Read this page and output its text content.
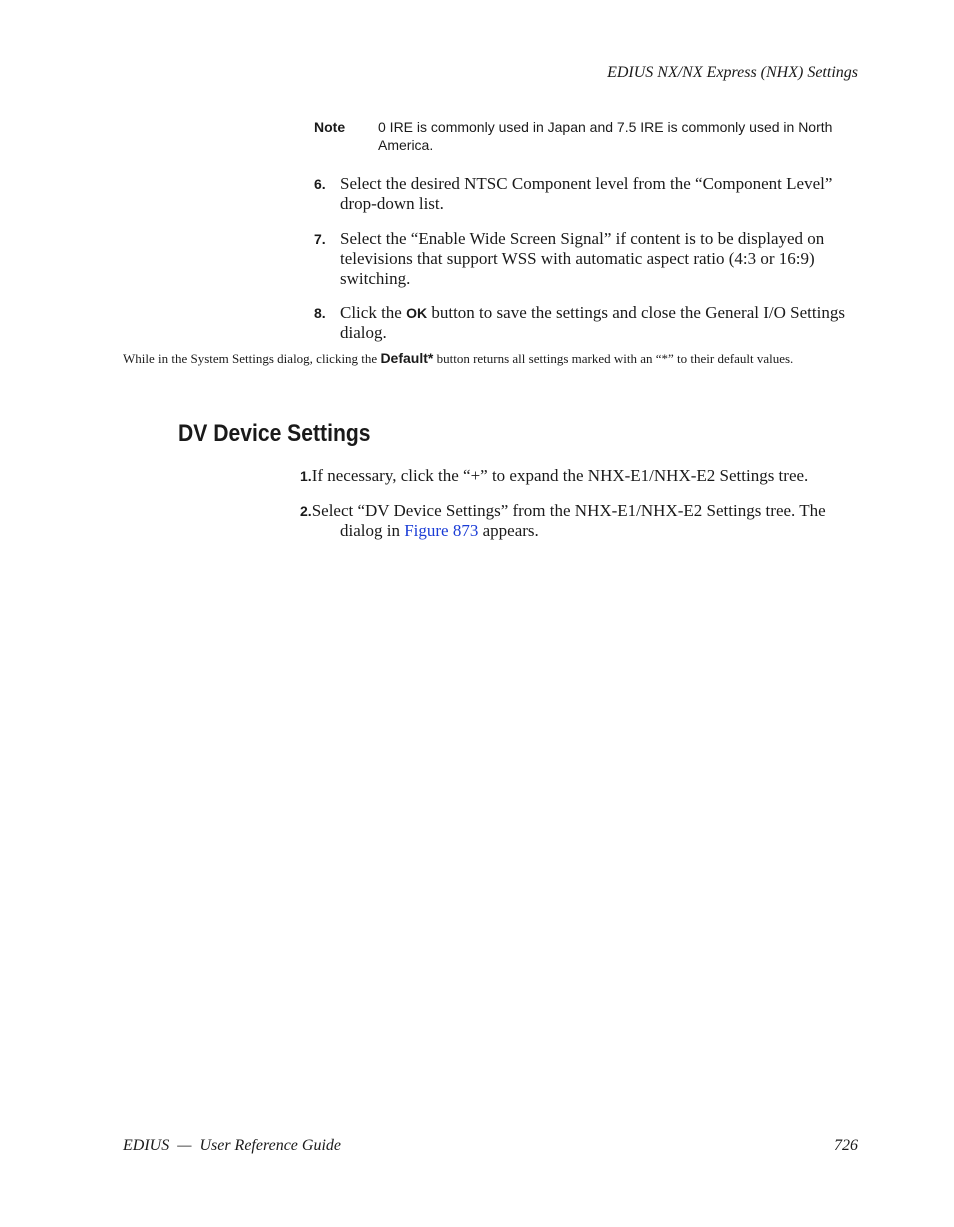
EDIUS NX/NX Express (NHX) Settings
Note 0 IRE is commonly used in Japan and 7.5 IRE is commonly used in North America.
6. Select the desired NTSC Component level from the “Component Level” drop-down list.
7. Select the “Enable Wide Screen Signal” if content is to be displayed on televisions that support WSS with automatic aspect ratio (4:3 or 16:9) switching.
8. Click the OK button to save the settings and close the General I/O Settings dialog.
While in the System Settings dialog, clicking the Default* button returns all settings marked with an “*” to their default values.
DV Device Settings
1.If necessary, click the “+” to expand the NHX-E1/NHX-E2 Settings tree.
2.Select “DV Device Settings” from the NHX-E1/NHX-E2 Settings tree. The
dialog in Figure 873 appears.
EDIUS  —  User Reference Guide	726
